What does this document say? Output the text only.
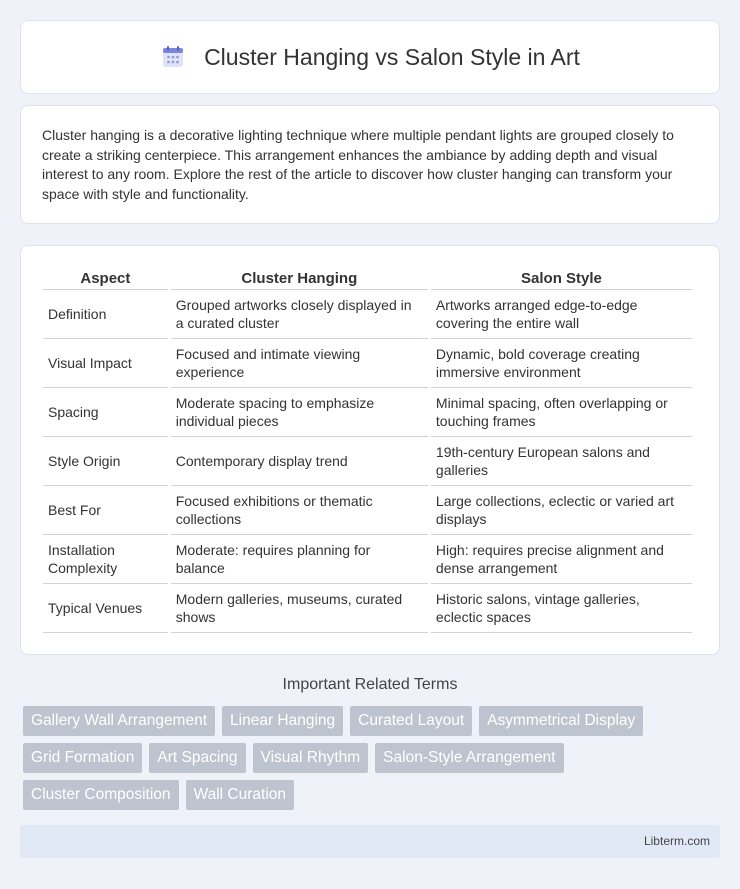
Cluster Hanging vs Salon Style in Art

Cluster hanging is a decorative lighting technique where multiple pendant lights are grouped closely to create a striking centerpiece. This arrangement enhances the ambiance by adding depth and visual interest to any room. Explore the rest of the article to discover how cluster hanging can transform your space with style and functionality.

Aspect	Cluster Hanging	Salon Style
Definition	Grouped artworks closely displayed in a curated cluster	Artworks arranged edge-to-edge covering the entire wall
Visual Impact	Focused and intimate viewing experience	Dynamic, bold coverage creating immersive environment
Spacing	Moderate spacing to emphasize individual pieces	Minimal spacing, often overlapping or touching frames
Style Origin	Contemporary display trend	19th-century European salons and galleries
Best For	Focused exhibitions or thematic collections	Large collections, eclectic or varied art displays
Installation Complexity	Moderate: requires planning for balance	High: requires precise alignment and dense arrangement
Typical Venues	Modern galleries, museums, curated shows	Historic salons, vintage galleries, eclectic spaces
Important Related Terms
Gallery Wall Arrangement	Linear Hanging	Curated Layout	Asymmetrical Display
Grid Formation	Art Spacing	Visual Rhythm	Salon-Style Arrangement
Cluster Composition	Wall Curation
Libterm.com
